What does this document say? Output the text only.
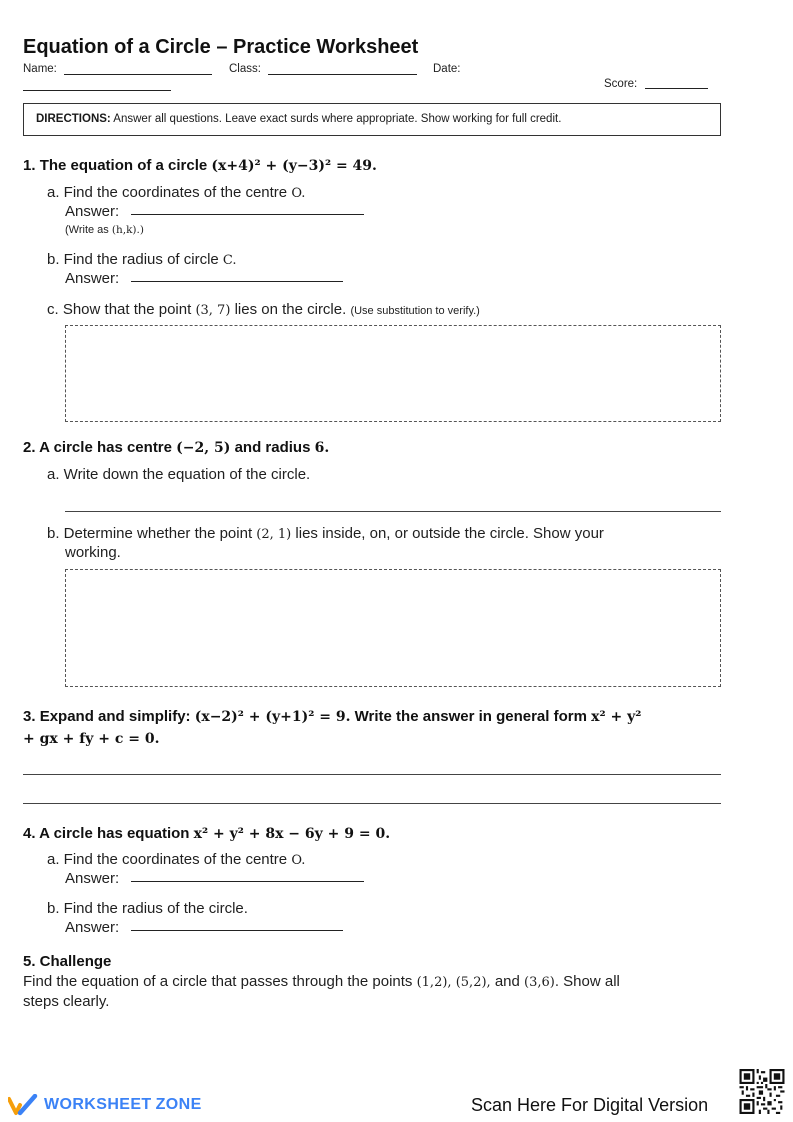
Equation of a Circle – Practice Worksheet
Name:	Class:	Date:
Score:
DIRECTIONS: Answer all questions. Leave exact surds where appropriate. Show working for full credit.
1. The equation of a circle (x+4)² + (y−3)² = 49.
a. Find the coordinates of the centre O.
Answer:
(Write as (h,k).)
b. Find the radius of circle C.
Answer:
c. Show that the point (3, 7) lies on the circle. (Use substitution to verify.)
2. A circle has centre (−2, 5) and radius 6.
a. Write down the equation of the circle.
b. Determine whether the point (2, 1) lies inside, on, or outside the circle. Show your
working.
3. Expand and simplify: (x−2)² + (y+1)² = 9. Write the answer in general form x² + y²
+ gx + fy + c = 0.
4. A circle has equation x² + y² + 8x − 6y + 9 = 0.
a. Find the coordinates of the centre O.
Answer:
b. Find the radius of the circle.
Answer:
5. Challenge
Find the equation of a circle that passes through the points (1,2), (5,2), and (3,6). Show all
steps clearly.
WORKSHEET ZONE	Scan Here For Digital Version
